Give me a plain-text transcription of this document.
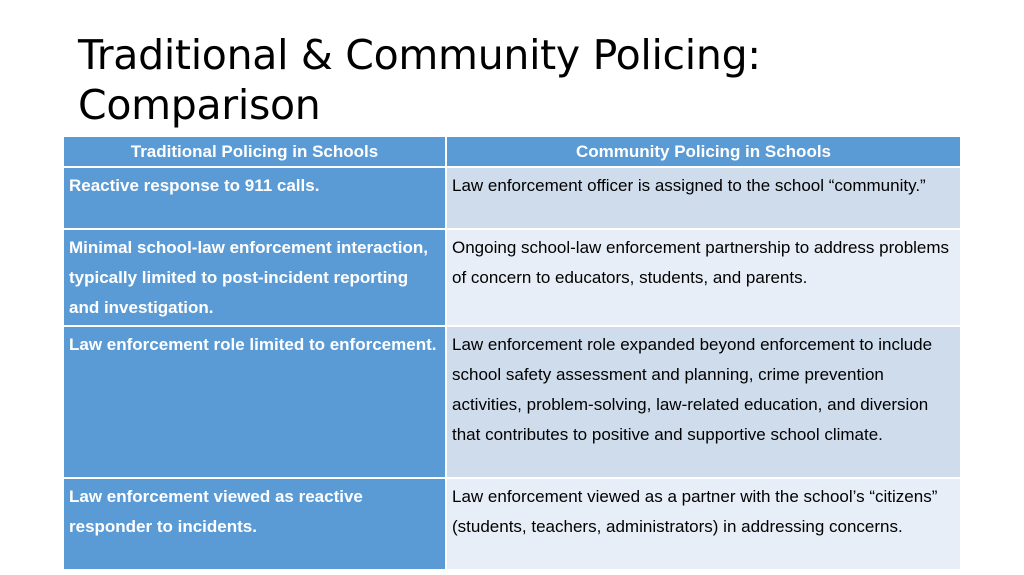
Traditional & Community Policing: Comparison
Traditional Policing in Schools	Community Policing in Schools
Reactive response to 911 calls.	Law enforcement officer is assigned to the school “community.”
Minimal school-law enforcement interaction, typically limited to post-incident reporting and investigation.	Ongoing school-law enforcement partnership to address problems of concern to educators, students, and parents.
Law enforcement role limited to enforcement.	Law enforcement role expanded beyond enforcement to include school safety assessment and planning, crime prevention activities, problem-solving, law-related education, and diversion that contributes to positive and supportive school climate.
Law enforcement viewed as reactive responder to incidents.	Law enforcement viewed as a partner with the school’s “citizens” (students, teachers, administrators) in addressing concerns.
